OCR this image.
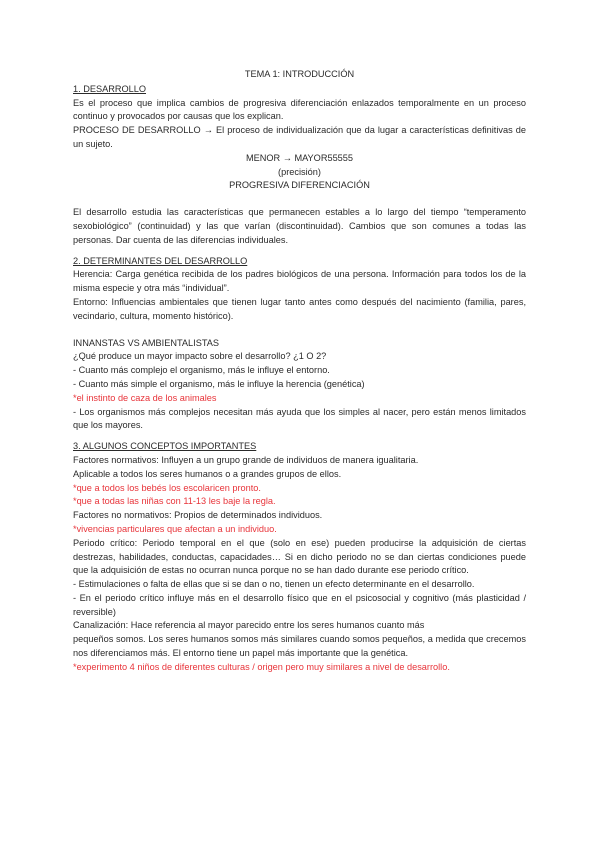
TEMA 1: INTRODUCCIÓN

1. DESARROLLO

Es el proceso que implica cambios de progresiva diferenciación enlazados temporalmente en un proceso continuo y provocados por causas que los explican.

PROCESO DE DESARROLLO → El proceso de individualización que da lugar a características definitivas de un sujeto.

MENOR → MAYOR55555

(precisión)

PROGRESIVA DIFERENCIACIÓN

El desarrollo estudia las características que permanecen estables a lo largo del tiempo “temperamento sexobiológico” (continuidad) y las que varían (discontinuidad). Cambios que son comunes a todas las personas. Dar cuenta de las diferencias individuales.

2. DETERMINANTES DEL DESARROLLO

Herencia: Carga genética recibida de los padres biológicos de una persona. Información para todos los de la misma especie y otra más “individual”.

Entorno: Influencias ambientales que tienen lugar tanto antes como después del nacimiento (familia, pares, vecindario, cultura, momento histórico).

INNANSTAS VS AMBIENTALISTAS

¿Qué produce un mayor impacto sobre el desarrollo? ¿1 O 2?

- Cuanto más complejo el organismo, más le influye el entorno.

- Cuanto más simple el organismo, más le influye la herencia (genética)

*el instinto de caza de los animales

- Los organismos más complejos necesitan más ayuda que los simples al nacer, pero están menos limitados que los mayores.

3. ALGUNOS CONCEPTOS IMPORTANTES

Factores normativos: Influyen a un grupo grande de individuos de manera igualitaria.

Aplicable a todos los seres humanos o a grandes grupos de ellos.

*que a todos los bebés los escolaricen pronto.

*que a todas las niñas con 11-13 les baje la regla.

Factores no normativos: Propios de determinados individuos.

*vivencias particulares que afectan a un individuo.

Periodo crítico: Periodo temporal en el que (solo en ese) pueden producirse la adquisición de ciertas destrezas, habilidades, conductas, capacidades… Si en dicho periodo no se dan ciertas condiciones puede que la adquisición de estas no ocurran nunca porque no se han dado durante ese periodo crítico.

- Estimulaciones o falta de ellas que si se dan o no, tienen un efecto determinante en el desarrollo.

- En el periodo crítico influye más en el desarrollo físico que en el psicosocial y cognitivo (más plasticidad / reversible)

Canalización: Hace referencia al mayor parecido entre los seres humanos cuanto más

pequeños somos. Los seres humanos somos más similares cuando somos pequeños, a medida que crecemos nos diferenciamos más. El entorno tiene un papel más importante que la genética.

*experimento 4 niños de diferentes culturas / origen pero muy similares a nivel de desarrollo.
